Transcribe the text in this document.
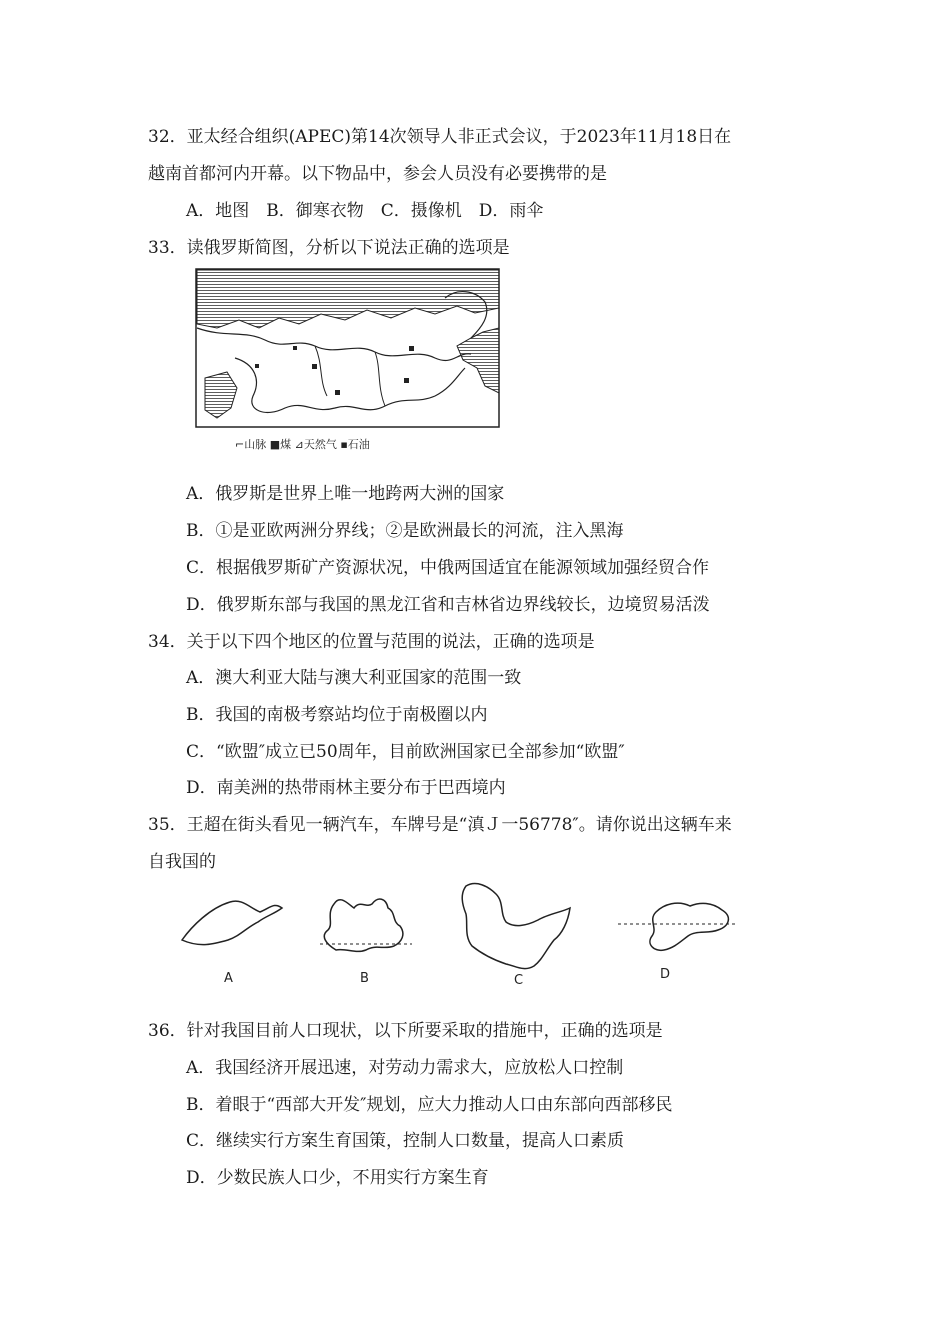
32．亚太经合组织(APEC)第14次领导人非正式会议，于2023年11月18日在
越南首都河内开幕。以下物品中，参会人员没有必要携带的是
A．地图　B．御寒衣物　C．摄像机　D．雨伞
33．读俄罗斯简图，分析以下说法正确的选项是
⌐山脉 ■煤 ⊿天然气 ▪石油
A．俄罗斯是世界上唯一地跨两大洲的国家
B．①是亚欧两洲分界线；②是欧洲最长的河流，注入黑海
C．根据俄罗斯矿产资源状况，中俄两国适宜在能源领域加强经贸合作
D．俄罗斯东部与我国的黑龙江省和吉林省边界线较长，边境贸易活泼
34．关于以下四个地区的位置与范围的说法，正确的选项是
A．澳大利亚大陆与澳大利亚国家的范围一致
B．我国的南极考察站均位于南极圈以内
C．“欧盟″成立已50周年，目前欧洲国家已全部参加“欧盟″
D．南美洲的热带雨林主要分布于巴西境内
35．王超在街头看见一辆汽车，车牌号是“滇Ｊ一56778″。请你说出这辆车来
自我国的
A	B	C	D
36．针对我国目前人口现状，以下所要采取的措施中，正确的选项是
A．我国经济开展迅速，对劳动力需求大，应放松人口控制
B．着眼于“西部大开发″规划，应大力推动人口由东部向西部移民
C．继续实行方案生育国策，控制人口数量，提高人口素质
D．少数民族人口少，不用实行方案生育
